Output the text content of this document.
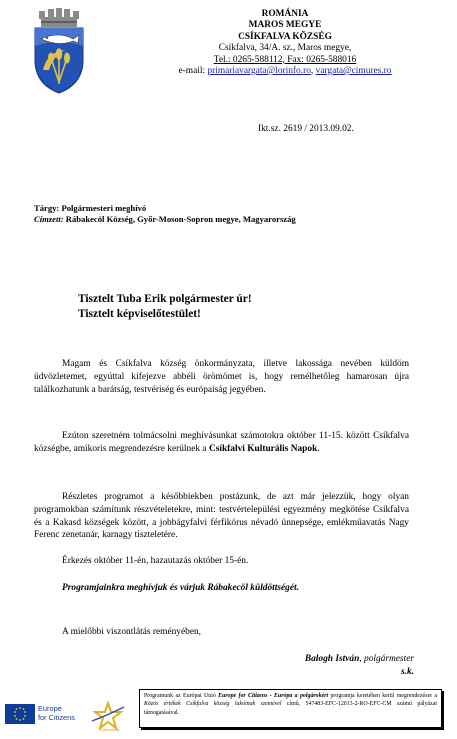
ROMÁNIA
MAROS MEGYE
CSÍKFALVA KÖZSÉG
Csíkfalva, 34/A. sz., Maros megye,
Tel.: 0265-588112, Fax: 0265-588016
e-mail: primariavargata@lorinfo.ro, vargata@cimures.ro
Ikt.sz. 2619 / 2013.09.02.
Tárgy: Polgármesteri meghívó
Címzett: Rábakecöl Község, Győr-Moson-Sopron megye, Magyarország
Tisztelt Tuba Erik polgármester úr!
Tisztelt képviselőtestület!
Magam és Csíkfalva község önkormányzata, illetve lakossága nevében küldöm üdvözletemet, egyúttal kifejezve abbéli örömömet is, hogy remélhetőleg hamarosan újra találkozhatunk a barátság, testvériség és európaiság jegyében.
Ezúton szeretném tolmácsolni meghívásunkat számotokra október 11-15. között Csíkfalva községbe, amikoris megrendezésre kerülnek a Csíkfalvi Kulturális Napok.
Részletes programot a későbbiekben postázunk, de azt már jelezzük, hogy olyan programokban számítunk részvételetekre, mint: testvértelepülési egyezmény megkötése Csíkfalva és a Kakasd községek között, a jobbágyfalvi férfikórus névadó ünnepsége, emlékműavatás Nagy Ferenc zenetanár, karnagy tiszteletére.
Érkezés október 11-én, hazautazás október 15-én.
Programjainkra meghívjuk és várjuk Rábakecöl küldöttségét.
A mielőbbi viszontlátás reményében,
Balogh István, polgármester
s.k.
Europe
for Citizens
Citizenship
Programunk az Európai Unió Europe for Citizens - Európa a polgárokért programja keretében kerül megrendezésre a Közös értékek Csíkfalva község lakóinak szemével címû, 547483-EFC-12013-2-RO-EFC-CM számú pályázat támogatásával.
